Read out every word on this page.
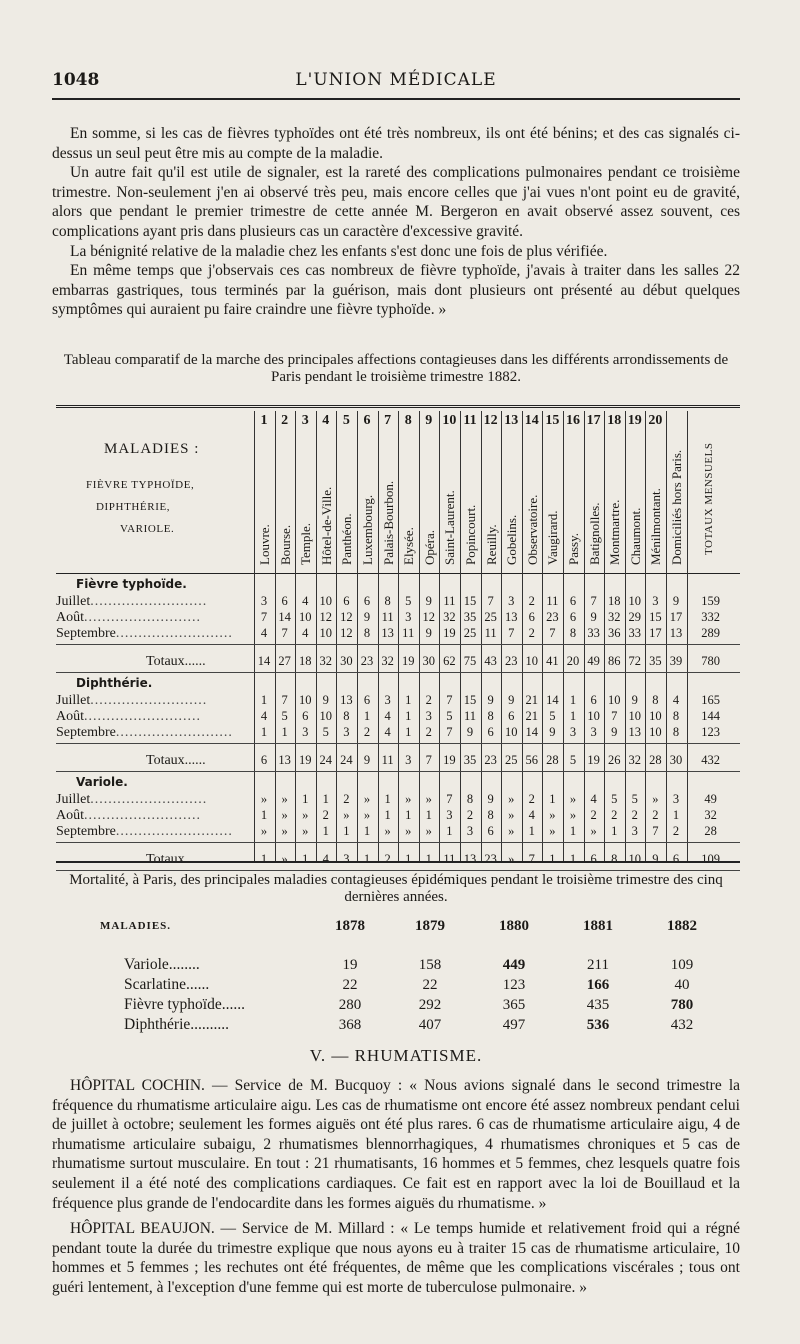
1048	L'UNION MÉDICALE

En somme, si les cas de fièvres typhoïdes ont été très nombreux, ils ont été bénins; et des cas signalés ci-dessus un seul peut être mis au compte de la maladie.

Un autre fait qu'il est utile de signaler, est la rareté des complications pulmonaires pendant ce troisième trimestre. Non-seulement j'en ai observé très peu, mais encore celles que j'ai vues n'ont point eu de gravité, alors que pendant le premier trimestre de cette année M. Bergeron en avait observé assez souvent, ces complications ayant pris dans plusieurs cas un caractère d'excessive gravité.

La bénignité relative de la maladie chez les enfants s'est donc une fois de plus vérifiée.

En même temps que j'observais ces cas nombreux de fièvre typhoïde, j'avais à traiter dans les salles 22 embarras gastriques, tous terminés par la guérison, mais dont plusieurs ont présenté au début quelques symptômes qui auraient pu faire craindre une fièvre typhoïde. »

Tableau comparatif de la marche des principales affections contagieuses dans les différents arrondissements de Paris pendant le troisième trimestre 1882.
MALADIES :
FIÈVRE TYPHOÏDE,
DIPHTHÉRIE,
VARIOLE.
1 2 3 4 5 6 7 8 9 10 11 12 13 14 15 16 17 18 19 20
Louvre. Bourse. Temple. Hôtel-de-Ville. Panthéon. Luxembourg. Palais-Bourbon. Elysée. Opéra. Saint-Laurent. Popincourt. Reuilly. Gobelins. Observatoire. Vaugirard. Passy. Batignolles. Montmartre. Chaumont. Ménilmontant. Domiciliés hors Paris.	TOTAUX MENSUELS
Fièvre typhoïde.
Juillet..........................	3	6	4 10 6	6	8	5	9 11 15 7	3	2 11 6	7 18 10 3	9	159
Août..........................	7 14 10 12 12 9 11 3 12 32 35 25 13 6 23 6	9 32 29 15 17	332
Septembre..........................	4	7	4 10 12 8 13 11 9 19 25 11 7	2	7	8 33 36 33 17 13	289
Totaux......	14 27 18 32 30 23 32 19 30 62 75 43 23 10 41 20 49 86 72 35 39	780
Diphthérie.
Juillet..........................	1	7 10 9 13 6	3	1	2	7 15 9	9 21 14 1	6 10 9	8	4	165
Août..........................	4	5	6 10 8	1	4	1	3	5 11 8	6 21 5	1 10 7 10 10 8	144
Septembre..........................	1	1	3	5	3	2	4	1	2	7	9	6 10 14 9	3	3	9 13 10 8	123
Totaux......	6 13 19 24 24 9 11 3	7 19 35 23 25 56 28 5 19 26 32 28 30	432
Variole.
Juillet..........................	»	»	1	1	2	»	1	»	»	7	8	9	»	2	1	»	4	5	5	»	3	49
Août..........................	1	»	»	2	»	»	1	1	1	3	2	8	»	4	»	»	2	2	2	2	1	32
Septembre..........................	»	»	»	1	1	1	»	»	»	1	3	6	»	1	»	1	»	1	3	7	2	28
Totaux......	1	»	1	4	3	1	2	1	1 11 13 23 »	7	1	1	6	8 10 9	6	109
Mortalité, à Paris, des principales maladies contagieuses épidémiques pendant le troisième trimestre des cinq dernières années.
MALADIES.	1878	1879	1880	1881	1882
Variole........	19	158	449	211	109
Scarlatine......	22	22	123	166	40
Fièvre typhoïde......	280	292	365	435	780
Diphthérie..........	368	407	497	536	432
V. — RHUMATISME.

HÔPITAL COCHIN. — Service de M. Bucquoy : « Nous avions signalé dans le second trimestre la fréquence du rhumatisme articulaire aigu. Les cas de rhumatisme ont encore été assez nombreux pendant celui de juillet à octobre; seulement les formes aiguës ont été plus rares. 6 cas de rhumatisme articulaire aigu, 4 de rhumatisme articulaire subaigu, 2 rhumatismes blennorrhagiques, 4 rhumatismes chroniques et 5 cas de rhumatisme surtout musculaire. En tout : 21 rhumatisants, 16 hommes et 5 femmes, chez lesquels quatre fois seulement il a été noté des complications cardiaques. Ce fait est en rapport avec la loi de Bouillaud et la fréquence plus grande de l'endocardite dans les formes aiguës du rhumatisme. »

HÔPITAL BEAUJON. — Service de M. Millard : « Le temps humide et relativement froid qui a régné pendant toute la durée du trimestre explique que nous ayons eu à traiter 15 cas de rhumatisme articulaire, 10 hommes et 5 femmes ; les rechutes ont été fréquentes, de même que les complications viscérales ; tous ont guéri lentement, à l'exception d'une femme qui est morte de tuberculose pulmonaire. »
